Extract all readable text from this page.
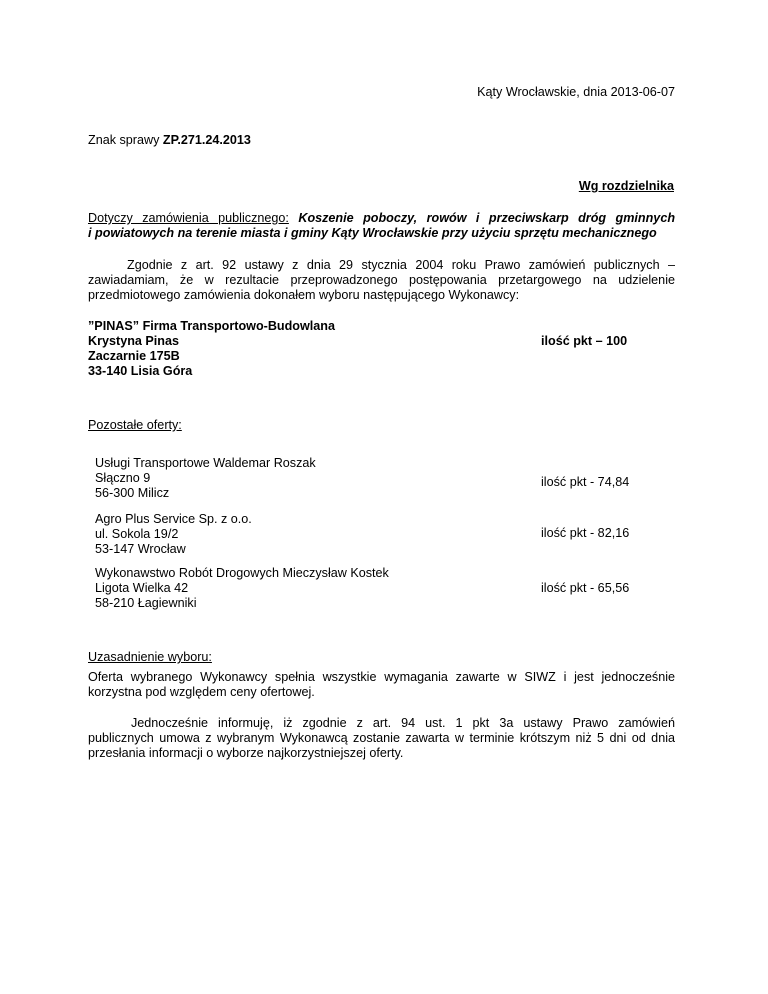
Kąty Wrocławskie, dnia 2013-06-07
Znak sprawy ZP.271.24.2013
Wg rozdzielnika
Dotyczy zamówienia publicznego: Koszenie poboczy, rowów i przeciwskarp dróg gminnych
i powiatowych na terenie miasta i gminy Kąty Wrocławskie przy użyciu sprzętu mechanicznego
Zgodnie z art. 92 ustawy z dnia 29 stycznia 2004 roku Prawo zamówień publicznych –
zawiadamiam, że w rezultacie przeprowadzonego postępowania przetargowego na udzielenie
przedmiotowego zamówienia dokonałem wyboru następującego Wykonawcy:
”PINAS” Firma Transportowo-Budowlana
Krystyna Pinas
Zaczarnie 175B
33-140 Lisia Góra
ilość pkt – 100
Pozostałe oferty:
Usługi Transportowe Waldemar Roszak
Słączno 9
56-300 Milicz
ilość pkt - 74,84
Agro Plus Service Sp. z o.o.
ul. Sokola 19/2
53-147 Wrocław
ilość pkt - 82,16
Wykonawstwo Robót Drogowych Mieczysław Kostek
Ligota Wielka 42
58-210 Łagiewniki
ilość pkt - 65,56
Uzasadnienie wyboru:
Oferta wybranego Wykonawcy spełnia wszystkie wymagania zawarte w SIWZ i jest jednocześnie
korzystna pod względem ceny ofertowej.
Jednocześnie informuję, iż zgodnie z art. 94 ust. 1 pkt 3a ustawy Prawo zamówień
publicznych umowa z wybranym Wykonawcą zostanie zawarta w terminie krótszym niż 5 dni od dnia
przesłania informacji o wyborze najkorzystniejszej oferty.
